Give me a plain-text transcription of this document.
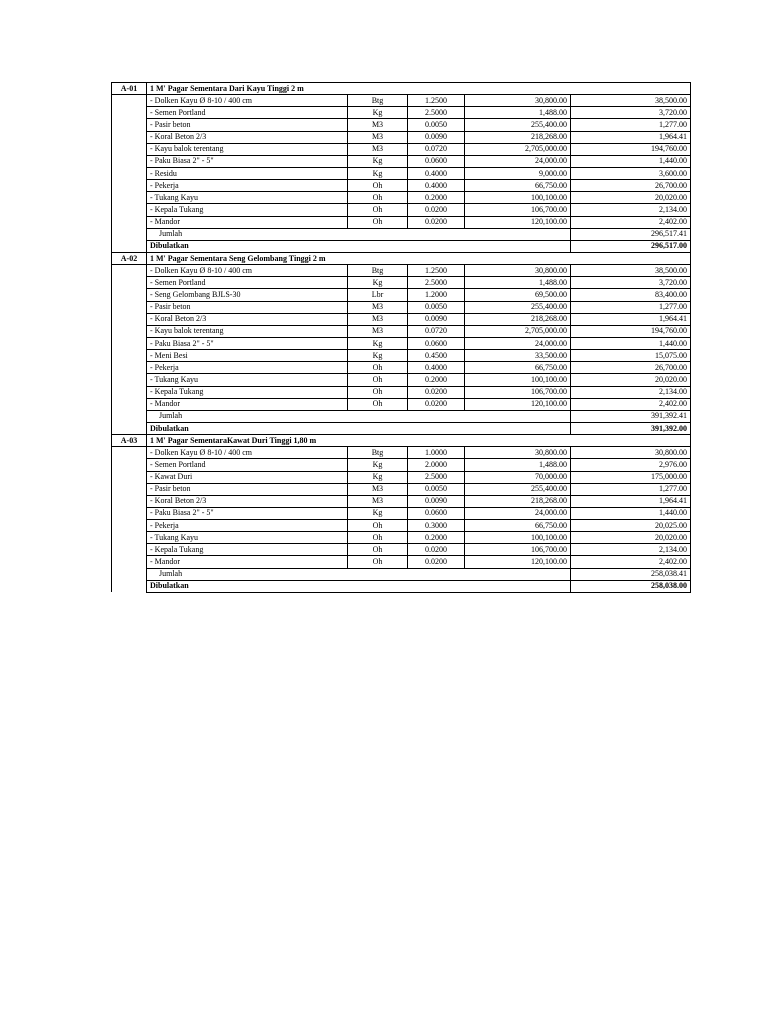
A-01	1 M' Pagar Sementara Dari Kayu Tinggi 2 m				
	- Dolken Kayu Ø 8-10 / 400 cm	Btg	1.2500	30,800.00	38,500.00
	- Semen Portland	Kg	2.5000	1,488.00	3,720.00
	- Pasir beton	M3	0.0050	255,400.00	1,277.00
	- Koral Beton 2/3	M3	0.0090	218,268.00	1,964.41
	- Kayu balok terentang	M3	0.0720	2,705,000.00	194,760.00
	- Paku Biasa 2" - 5"	Kg	0.0600	24,000.00	1,440.00
	- Residu	Kg	0.4000	9,000.00	3,600.00
	- Pekerja	Oh	0.4000	66,750.00	26,700.00
	- Tukang Kayu	Oh	0.2000	100,100.00	20,020.00
	- Kepala Tukang	Oh	0.0200	106,700.00	2,134.00
	- Mandor	Oh	0.0200	120,100.00	2,402.00
	Jumlah				296,517.41
	Dibulatkan				296,517.00
A-02	1 M' Pagar Sementara Seng Gelombang Tinggi 2 m				
	- Dolken Kayu Ø 8-10 / 400 cm	Btg	1.2500	30,800.00	38,500.00
	- Semen Portland	Kg	2.5000	1,488.00	3,720.00
	- Seng Gelombang BJLS-30	Lbr	1.2000	69,500.00	83,400.00
	- Pasir beton	M3	0.0050	255,400.00	1,277.00
	- Koral Beton 2/3	M3	0.0090	218,268.00	1,964.41
	- Kayu balok terentang	M3	0.0720	2,705,000.00	194,760.00
	- Paku Biasa 2" - 5"	Kg	0.0600	24,000.00	1,440.00
	- Meni Besi	Kg	0.4500	33,500.00	15,075.00
	- Pekerja	Oh	0.4000	66,750.00	26,700.00
	- Tukang Kayu	Oh	0.2000	100,100.00	20,020.00
	- Kepala Tukang	Oh	0.0200	106,700.00	2,134.00
	- Mandor	Oh	0.0200	120,100.00	2,402.00
	Jumlah				391,392.41
	Dibulatkan				391,392.00
A-03	1 M' Pagar SementaraKawat Duri Tinggi 1,80 m				
	- Dolken Kayu Ø 8-10 / 400 cm	Btg	1.0000	30,800.00	30,800.00
	- Semen Portland	Kg	2.0000	1,488.00	2,976.00
	- Kawat Duri	Kg	2.5000	70,000.00	175,000.00
	- Pasir beton	M3	0.0050	255,400.00	1,277.00
	- Koral Beton 2/3	M3	0.0090	218,268.00	1,964.41
	- Paku Biasa 2" - 5"	Kg	0.0600	24,000.00	1,440.00
	- Pekerja	Oh	0.3000	66,750.00	20,025.00
	- Tukang Kayu	Oh	0.2000	100,100.00	20,020.00
	- Kepala Tukang	Oh	0.0200	106,700.00	2,134.00
	- Mandor	Oh	0.0200	120,100.00	2,402.00
	Jumlah				258,038.41
	Dibulatkan				258,038.00
